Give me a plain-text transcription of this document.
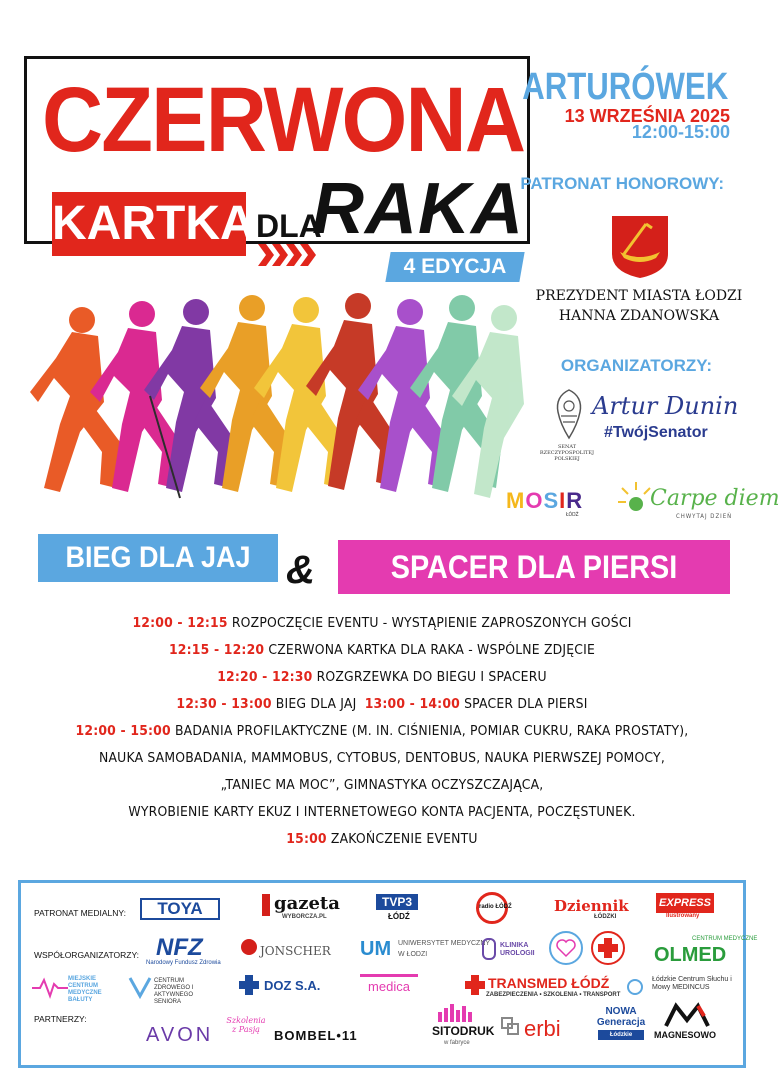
CZERWONA
KARTKA DLA
RAKA
4 EDYCJA
ARTURÓWEK
13 WRZEŚNIA 2025
12:00-15:00
PATRONAT HONOROWY:
PREZYDENT MIASTA ŁODZI
HANNA ZDANOWSKA
ORGANIZATORZY:
SENAT RZECZYPOSPOLITEJ POLSKIEJ
Artur Dunin
#TwójSenator
MOSIR
ŁÓDŹ
Carpe diem
CHWYTAJ DZIEŃ
BIEG DLA JAJ &	SPACER DLA PIERSI
12:00 - 12:15 ROZPOCZĘCIE EVENTU - WYSTĄPIENIE ZAPROSZONYCH GOŚCI
12:15 - 12:20 CZERWONA KARTKA DLA RAKA - WSPÓLNE ZDJĘCIE
12:20 - 12:30 ROZGRZEWKA DO BIEGU I SPACERU
12:30 - 13:00 BIEG DLA JAJ 13:00 - 14:00 SPACER DLA PIERSI
12:00 - 15:00 BADANIA PROFILAKTYCZNE (M. IN. CIŚNIENIA, POMIAR CUKRU, RAKA PROSTATY),
NAUKA SAMOBADANIA, MAMMOBUS, CYTOBUS, DENTOBUS, NAUKA PIERWSZEJ POMOCY,
„TANIEC MA MOC”, GIMNASTYKA OCZYSZCZAJĄCA,
WYROBIENIE KARTY EKUZ I INTERNETOWEGO KONTA PACJENTA, POCZĘSTUNEK.
15:00 ZAKOŃCZENIE EVENTU
PATRONAT MEDIALNY:
WSPÓŁORGANIZATORZY:
PARTNERZY:
TOYA	gazeta
WYBORCZA.PL
TVP3
ŁÓDŹ
radio ŁÓDŹ	Dziennik
ŁÓDZKI
EXPRESS
Ilustrowany
NFZ
Narodowy Fundusz Zdrowia
JONSCHER UM UNIWERSYTET MEDYCZNY
W ŁODZI
KLINIKA UROLOGII	OLMED
CENTRUM MEDYCZNE
MIEJSKIE CENTRUM MEDYCZNE BAŁUTY
CENTRUM ZDROWEGO I AKTYWNEGO SENIORA
DOZ S.A.	medica	TRANSMED ŁÓDŹ
ZABEZPIECZENIA • SZKOLENIA • TRANSPORT
Łódzkie Centrum Słuchu i Mowy MEDINCUS
AVON
Szkolenia z Pasją	BOMBEL•11	SITODRUK
w fabryce
erbi
NOWA Generacja
Łódzkie	MAGNESOWO
